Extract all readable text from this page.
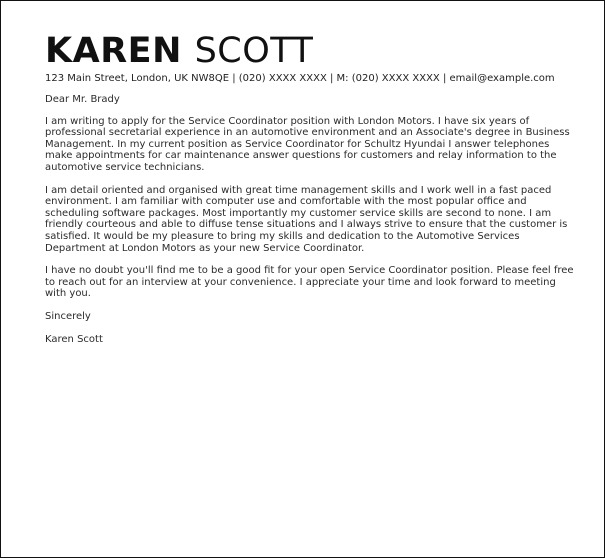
KAREN SCOTT

123 Main Street, London, UK NW8QE | (020) XXXX XXXX | M: (020) XXXX XXXX | email@example.com

Dear Mr. Brady

I am writing to apply for the Service Coordinator position with London Motors. I have six years of professional secretarial experience in an automotive environment and an Associate's degree in Business Management. In my current position as Service Coordinator for Schultz Hyundai I answer telephones make appointments for car maintenance answer questions for customers and relay information to the automotive service technicians.

I am detail oriented and organised with great time management skills and I work well in a fast paced environment. I am familiar with computer use and comfortable with the most popular office and scheduling software packages. Most importantly my customer service skills are second to none. I am friendly courteous and able to diffuse tense situations and I always strive to ensure that the customer is satisfied. It would be my pleasure to bring my skills and dedication to the Automotive Services Department at London Motors as your new Service Coordinator.

I have no doubt you'll find me to be a good fit for your open Service Coordinator position. Please feel free to reach out for an interview at your convenience. I appreciate your time and look forward to meeting with you.

Sincerely

Karen Scott
